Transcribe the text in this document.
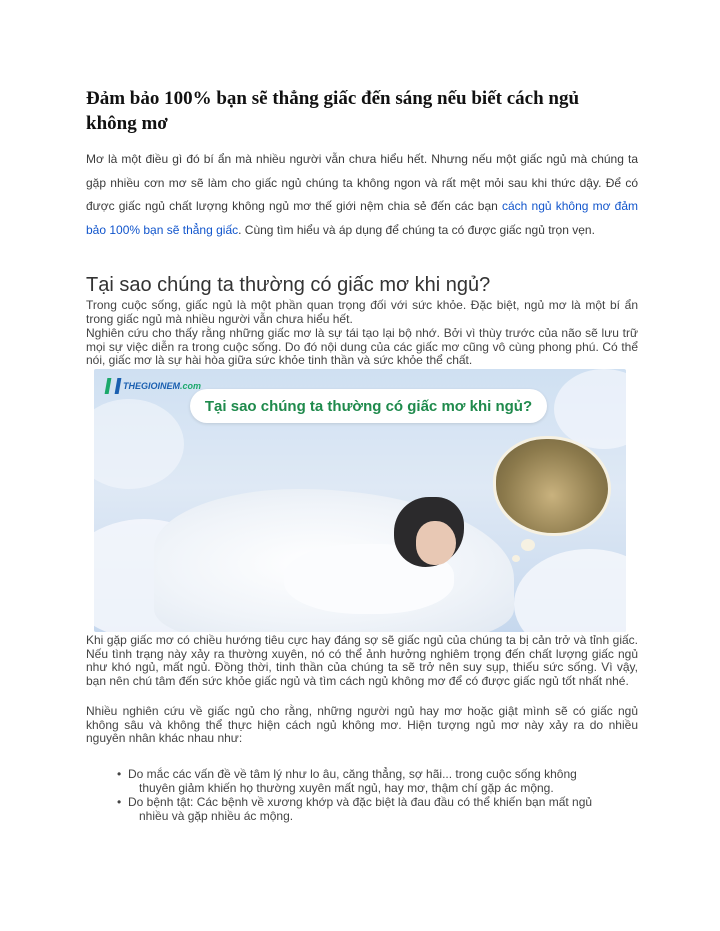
Đảm bảo 100% bạn sẽ thẳng giấc đến sáng nếu biết cách ngủ không mơ

Mơ là một điều gì đó bí ẩn mà nhiều người vẫn chưa hiểu hết. Nhưng nếu một giấc ngủ mà chúng ta gặp nhiều cơn mơ sẽ làm cho giấc ngủ chúng ta không ngon và rất mệt mỏi sau khi thức dậy. Để có được giấc ngủ chất lượng không ngủ mơ thế giới nệm chia sẻ đến các bạn cách ngủ không mơ đảm bảo 100% bạn sẽ thẳng giấc. Cùng tìm hiểu và áp dụng để chúng ta có được giấc ngủ trọn vẹn.

Tại sao chúng ta thường có giấc mơ khi ngủ?

Trong cuộc sống, giấc ngủ là một phần quan trọng đối với sức khỏe. Đặc biệt, ngủ mơ là một bí ẩn trong giấc ngủ mà nhiều người vẫn chưa hiểu hết.

Nghiên cứu cho thấy rằng những giấc mơ là sự tái tạo lại bộ nhớ. Bởi vì thùy trước của não sẽ lưu trữ mọi sự việc diễn ra trong cuộc sống. Do đó nội dung của các giấc mơ cũng vô cùng phong phú. Có thể nói, giấc mơ là sự hài hòa giữa sức khỏe tinh thần và sức khỏe thể chất.

THEGIOINEM.com
Tại sao chúng ta thường có giấc mơ khi ngủ?

Khi gặp giấc mơ có chiều hướng tiêu cực hay đáng sợ sẽ giấc ngủ của chúng ta bị cản trở và tỉnh giấc. Nếu tình trạng này xảy ra thường xuyên, nó có thể ảnh hưởng nghiêm trọng đến chất lượng giấc ngủ như khó ngủ, mất ngủ. Đồng thời, tinh thần của chúng ta sẽ trở nên suy sụp, thiếu sức sống. Vì vậy, bạn nên chú tâm đến sức khỏe giấc ngủ và tìm cách ngủ không mơ để có được giấc ngủ tốt nhất nhé.

Nhiều nghiên cứu về giấc ngủ cho rằng, những người ngủ hay mơ hoặc giật mình sẽ có giấc ngủ không sâu và không thể thực hiện cách ngủ không mơ. Hiện tượng ngủ mơ này xảy ra do nhiều nguyên nhân khác nhau như:

• Do mắc các vấn đề về tâm lý như lo âu, căng thẳng, sợ hãi... trong cuộc sống không
thuyên giảm khiến họ thường xuyên mất ngủ, hay mơ, thậm chí gặp ác mộng.
• Do bệnh tật: Các bệnh về xương khớp và đặc biệt là đau đầu có thể khiến bạn mất ngủ
nhiều và gặp nhiều ác mộng.
